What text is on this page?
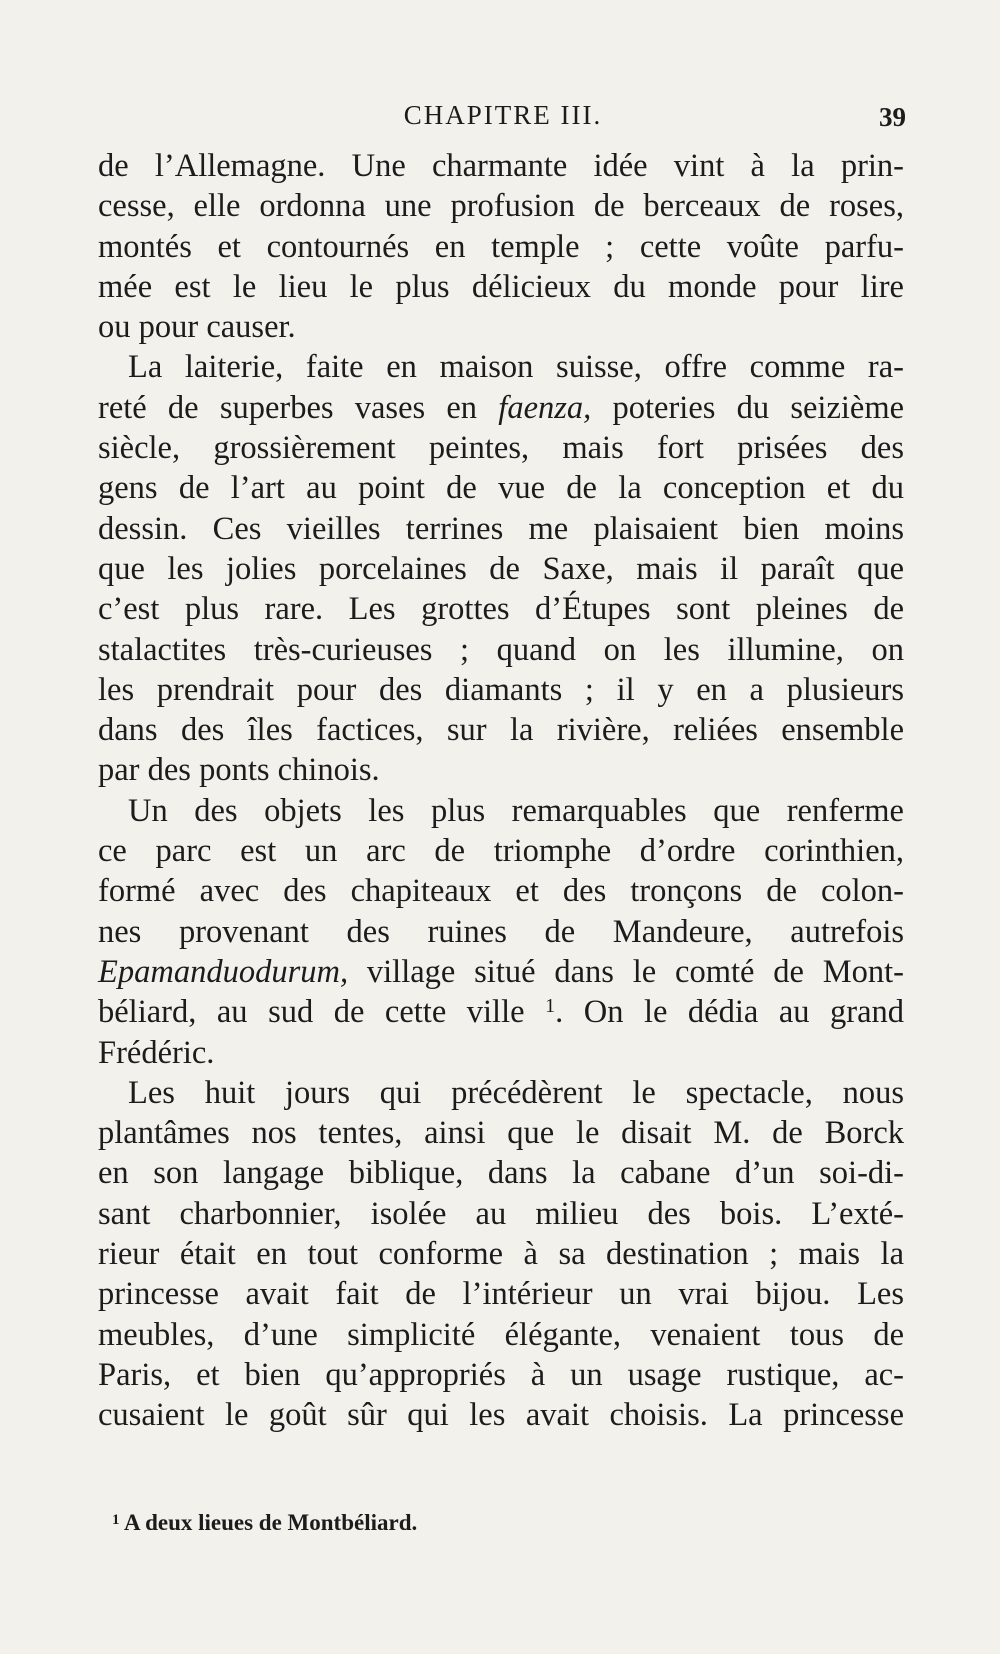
CHAPITRE III.	39
de l’Allemagne. Une charmante idée vint à la prin-
cesse, elle ordonna une profusion de berceaux de roses,
montés et contournés en temple ; cette voûte parfu-
mée est le lieu le plus délicieux du monde pour lire
ou pour causer.
La laiterie, faite en maison suisse, offre comme ra-
reté de superbes vases en faenza, poteries du seizième
siècle, grossièrement peintes, mais fort prisées des
gens de l’art au point de vue de la conception et du
dessin. Ces vieilles terrines me plaisaient bien moins
que les jolies porcelaines de Saxe, mais il paraît que
c’est plus rare. Les grottes d’Étupes sont pleines de
stalactites très-curieuses ; quand on les illumine, on
les prendrait pour des diamants ; il y en a plusieurs
dans des îles factices, sur la rivière, reliées ensemble
par des ponts chinois.
Un des objets les plus remarquables que renferme
ce parc est un arc de triomphe d’ordre corinthien,
formé avec des chapiteaux et des tronçons de colon-
nes provenant des ruines de Mandeure, autrefois
Epamanduodurum, village situé dans le comté de Mont-
béliard, au sud de cette ville $^1$. On le dédia au grand
Frédéric.
Les huit jours qui précédèrent le spectacle, nous
plantâmes nos tentes, ainsi que le disait M. de Borck
en son langage biblique, dans la cabane d’un soi-di-
sant charbonnier, isolée au milieu des bois. L’exté-
rieur était en tout conforme à sa destination ; mais la
princesse avait fait de l’intérieur un vrai bijou. Les
meubles, d’une simplicité élégante, venaient tous de
Paris, et bien qu’appropriés à un usage rustique, ac-
cusaient le goût sûr qui les avait choisis. La princesse
$^1$ A deux lieues de Montbéliard.
